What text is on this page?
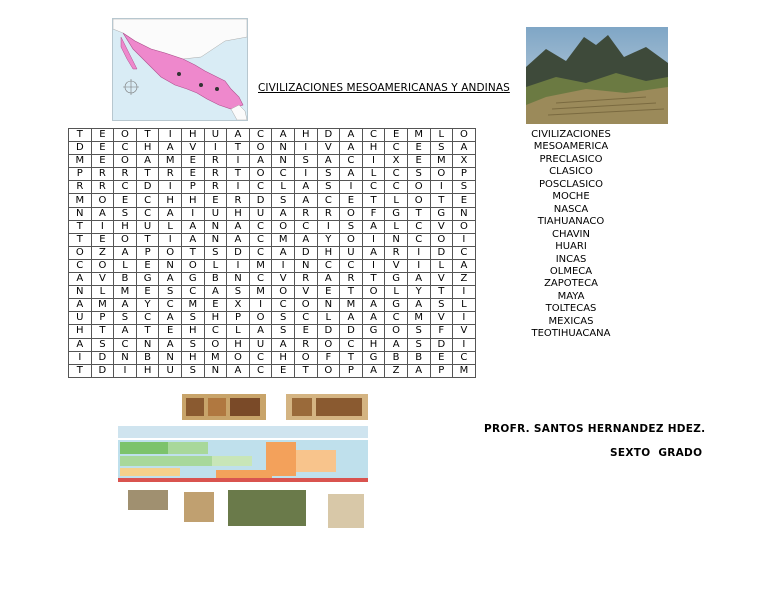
CIVILIZACIONES MESOAMERICANAS Y ANDINAS
T	E	O	T	I	H	U	A	C	A	H	D	A	C	E	M	L	O
D	E	C	H	A	V	I	T	O	N	I	V	A	H	C	E	S	A
M	E	O	A	M	E	R	I	A	N	S	A	C	I	X	E	M	X
P	R	R	T	R	E	R	T	O	C	I	S	A	L	C	S	O	P
R	R	C	D	I	P	R	I	C	L	A	S	I	C	C	O	I	S
M	O	E	C	H	H	E	R	D	S	A	C	E	T	L	O	T	E
N	A	S	C	A	I	U	H	U	A	R	R	O	F	G	T	G	N
T	I	H	U	L	A	N	A	C	O	C	I	S	A	L	C	V	O
T	E	O	T	I	A	N	A	C	M	A	Y	O	I	N	C	O	I
O	Z	A	P	O	T	S	D	C	A	D	H	U	A	R	I	D	C
C	O	L	E	N	O	L	I	M	I	N	C	C	I	V	I	L	A
A	V	B	G	A	G	B	N	C	V	R	A	R	T	G	A	V	Z
N	L	M	E	S	C	A	S	M	O	V	E	T	O	L	Y	T	I
A	M	A	Y	C	M	E	X	I	C	O	N	M	A	G	A	S	L
U	P	S	C	A	S	H	P	O	S	C	L	A	A	C	M	V	I
H	T	A	T	E	H	C	L	A	S	E	D	D	G	O	S	F	V
A	S	C	N	A	S	O	H	U	A	R	O	C	H	A	S	D	I
I	D	N	B	N	H	M	O	C	H	O	F	T	G	B	B	E	C
T	D	I	H	U	S	N	A	C	E	T	O	P	A	Z	A	P	M
CIVILIZACIONES
MESOAMERICA
PRECLASICO
CLASICO
POSCLASICO
MOCHE
NASCA
TIAHUANACO
CHAVIN
HUARI
INCAS
OLMECA
ZAPOTECA
MAYA
TOLTECAS
MEXICAS
TEOTIHUACANA
PROFR. SANTOS HERNANDEZ HDEZ.
SEXTO  GRADO
